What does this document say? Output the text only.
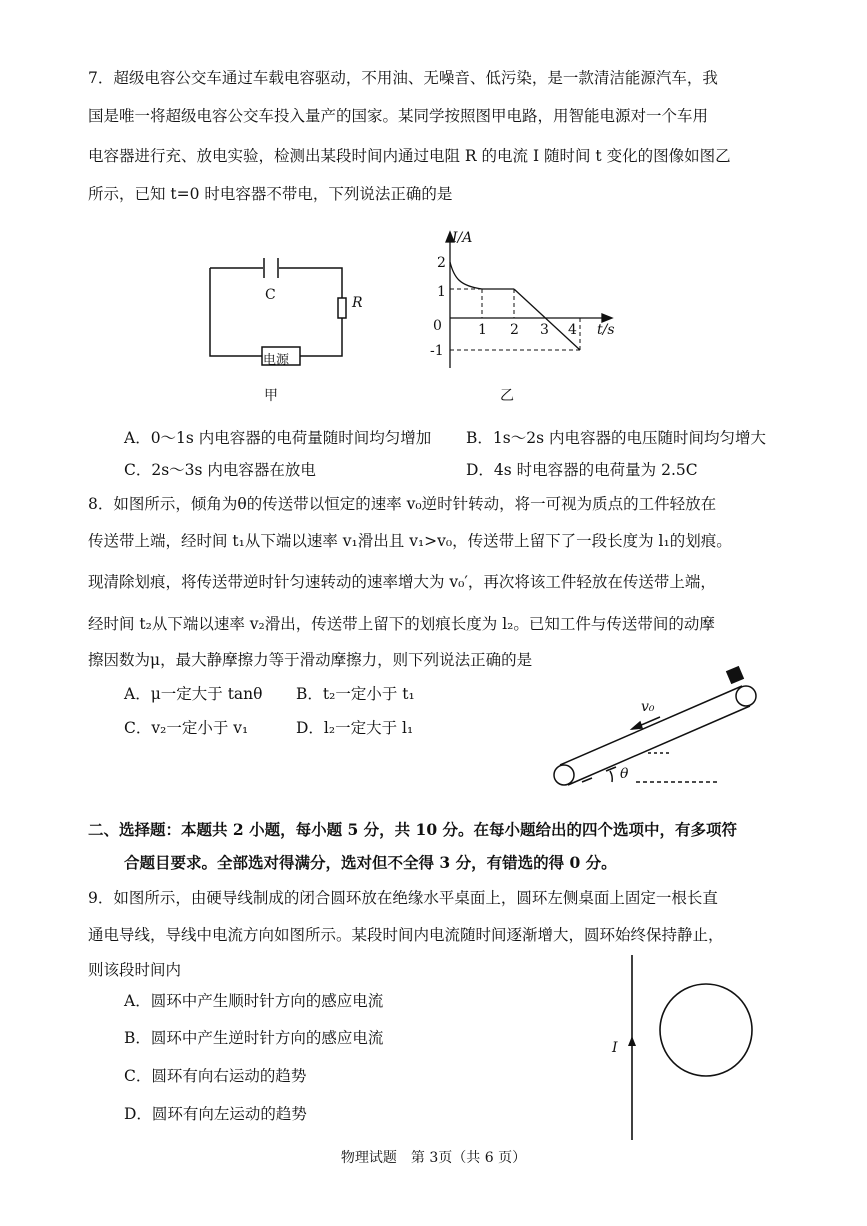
7．超级电容公交车通过车载电容驱动，不用油、无噪音、低污染，是一款清洁能源汽车，我
国是唯一将超级电容公交车投入量产的国家。某同学按照图甲电路，用智能电源对一个车用
电容器进行充、放电实验，检测出某段时间内通过电阻 R 的电流 I 随时间 t 变化的图像如图乙
所示，已知 t=0 时电容器不带电，下列说法正确的是
C	R
电源
甲
I/A
2
1
0
-1
1 2 3 4 t/s
乙
A．0～1s 内电容器的电荷量随时间均匀增加 B．1s～2s 内电容器的电压随时间均匀增大
C．2s～3s 内电容器在放电	D．4s 时电容器的电荷量为 2.5C
8．如图所示，倾角为θ的传送带以恒定的速率 v₀逆时针转动，将一可视为质点的工件轻放在
传送带上端，经时间 t₁从下端以速率 v₁滑出且 v₁>v₀，传送带上留下了一段长度为 l₁的划痕。
现清除划痕，将传送带逆时针匀速转动的速率增大为 v₀′，再次将该工件轻放在传送带上端，
经时间 t₂从下端以速率 v₂滑出，传送带上留下的划痕长度为 l₂。已知工件与传送带间的动摩
擦因数为μ，最大静摩擦力等于滑动摩擦力，则下列说法正确的是
A．μ一定大于 tanθ B．t₂一定小于 t₁
C．v₂一定小于 v₁	D．l₂一定大于 l₁
v₀
θ
二、选择题：本题共 2 小题，每小题 5 分，共 10 分。在每小题给出的四个选项中，有多项符
合题目要求。全部选对得满分，选对但不全得 3 分，有错选的得 0 分。
9．如图所示，由硬导线制成的闭合圆环放在绝缘水平桌面上，圆环左侧桌面上固定一根长直
通电导线，导线中电流方向如图所示。某段时间内电流随时间逐渐增大，圆环始终保持静止，
则该段时间内
A．圆环中产生顺时针方向的感应电流
B．圆环中产生逆时针方向的感应电流
C．圆环有向右运动的趋势
D．圆环有向左运动的趋势
I
物理试题　第 3页（共 6 页）
